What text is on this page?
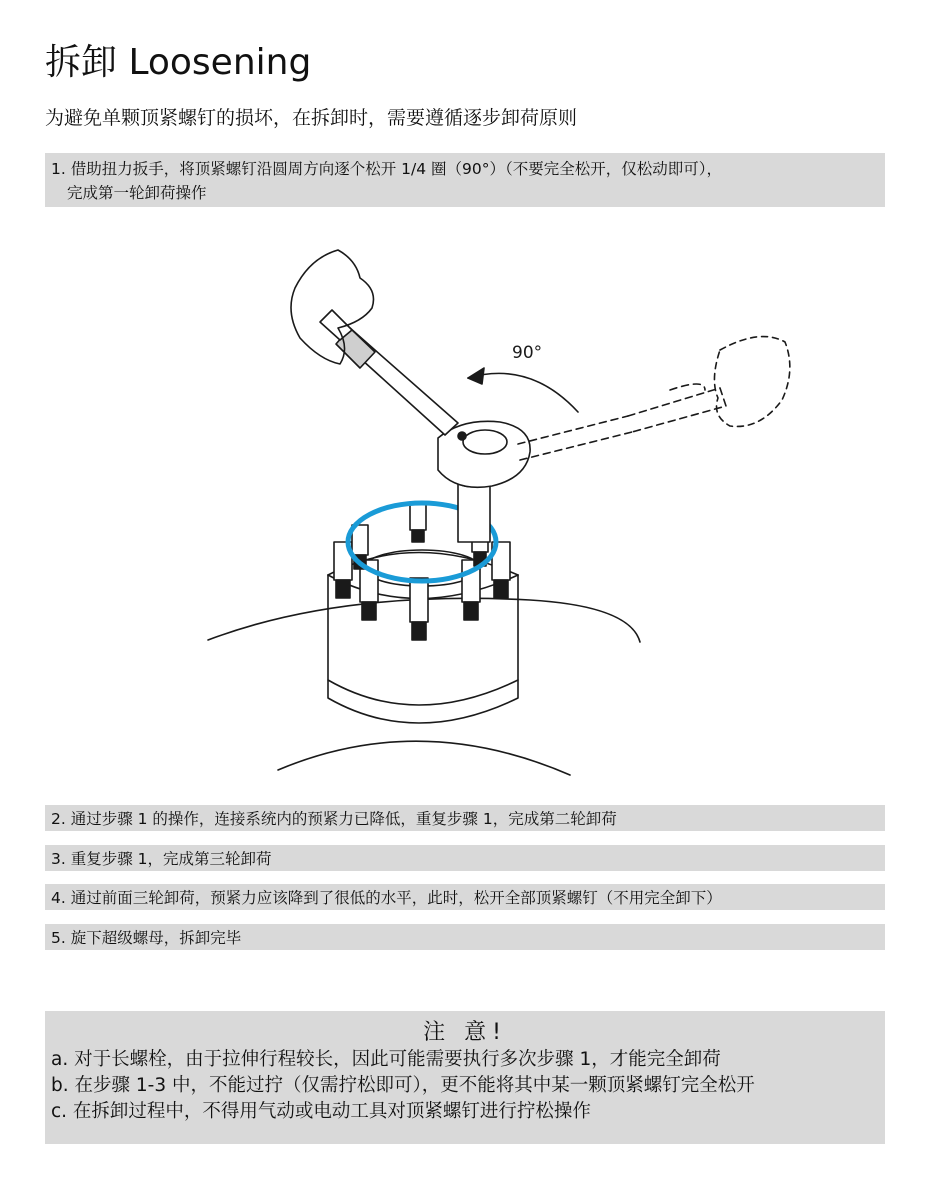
拆卸 Loosening
为避免单颗顶紧螺钉的损坏，在拆卸时，需要遵循逐步卸荷原则
1. 借助扭力扳手，将顶紧螺钉沿圆周方向逐个松开 1/4 圈（90°）（不要完全松开，仅松动即可），
完成第一轮卸荷操作
90°
2. 通过步骤 1 的操作，连接系统内的预紧力已降低，重复步骤 1，完成第二轮卸荷
3. 重复步骤 1，完成第三轮卸荷
4. 通过前面三轮卸荷，预紧力应该降到了很低的水平，此时，松开全部顶紧螺钉（不用完全卸下）
5. 旋下超级螺母，拆卸完毕
注 意!
a. 对于长螺栓，由于拉伸行程较长，因此可能需要执行多次步骤 1，才能完全卸荷
b. 在步骤 1-3 中，不能过拧（仅需拧松即可），更不能将其中某一颗顶紧螺钉完全松开
c. 在拆卸过程中，不得用气动或电动工具对顶紧螺钉进行拧松操作
